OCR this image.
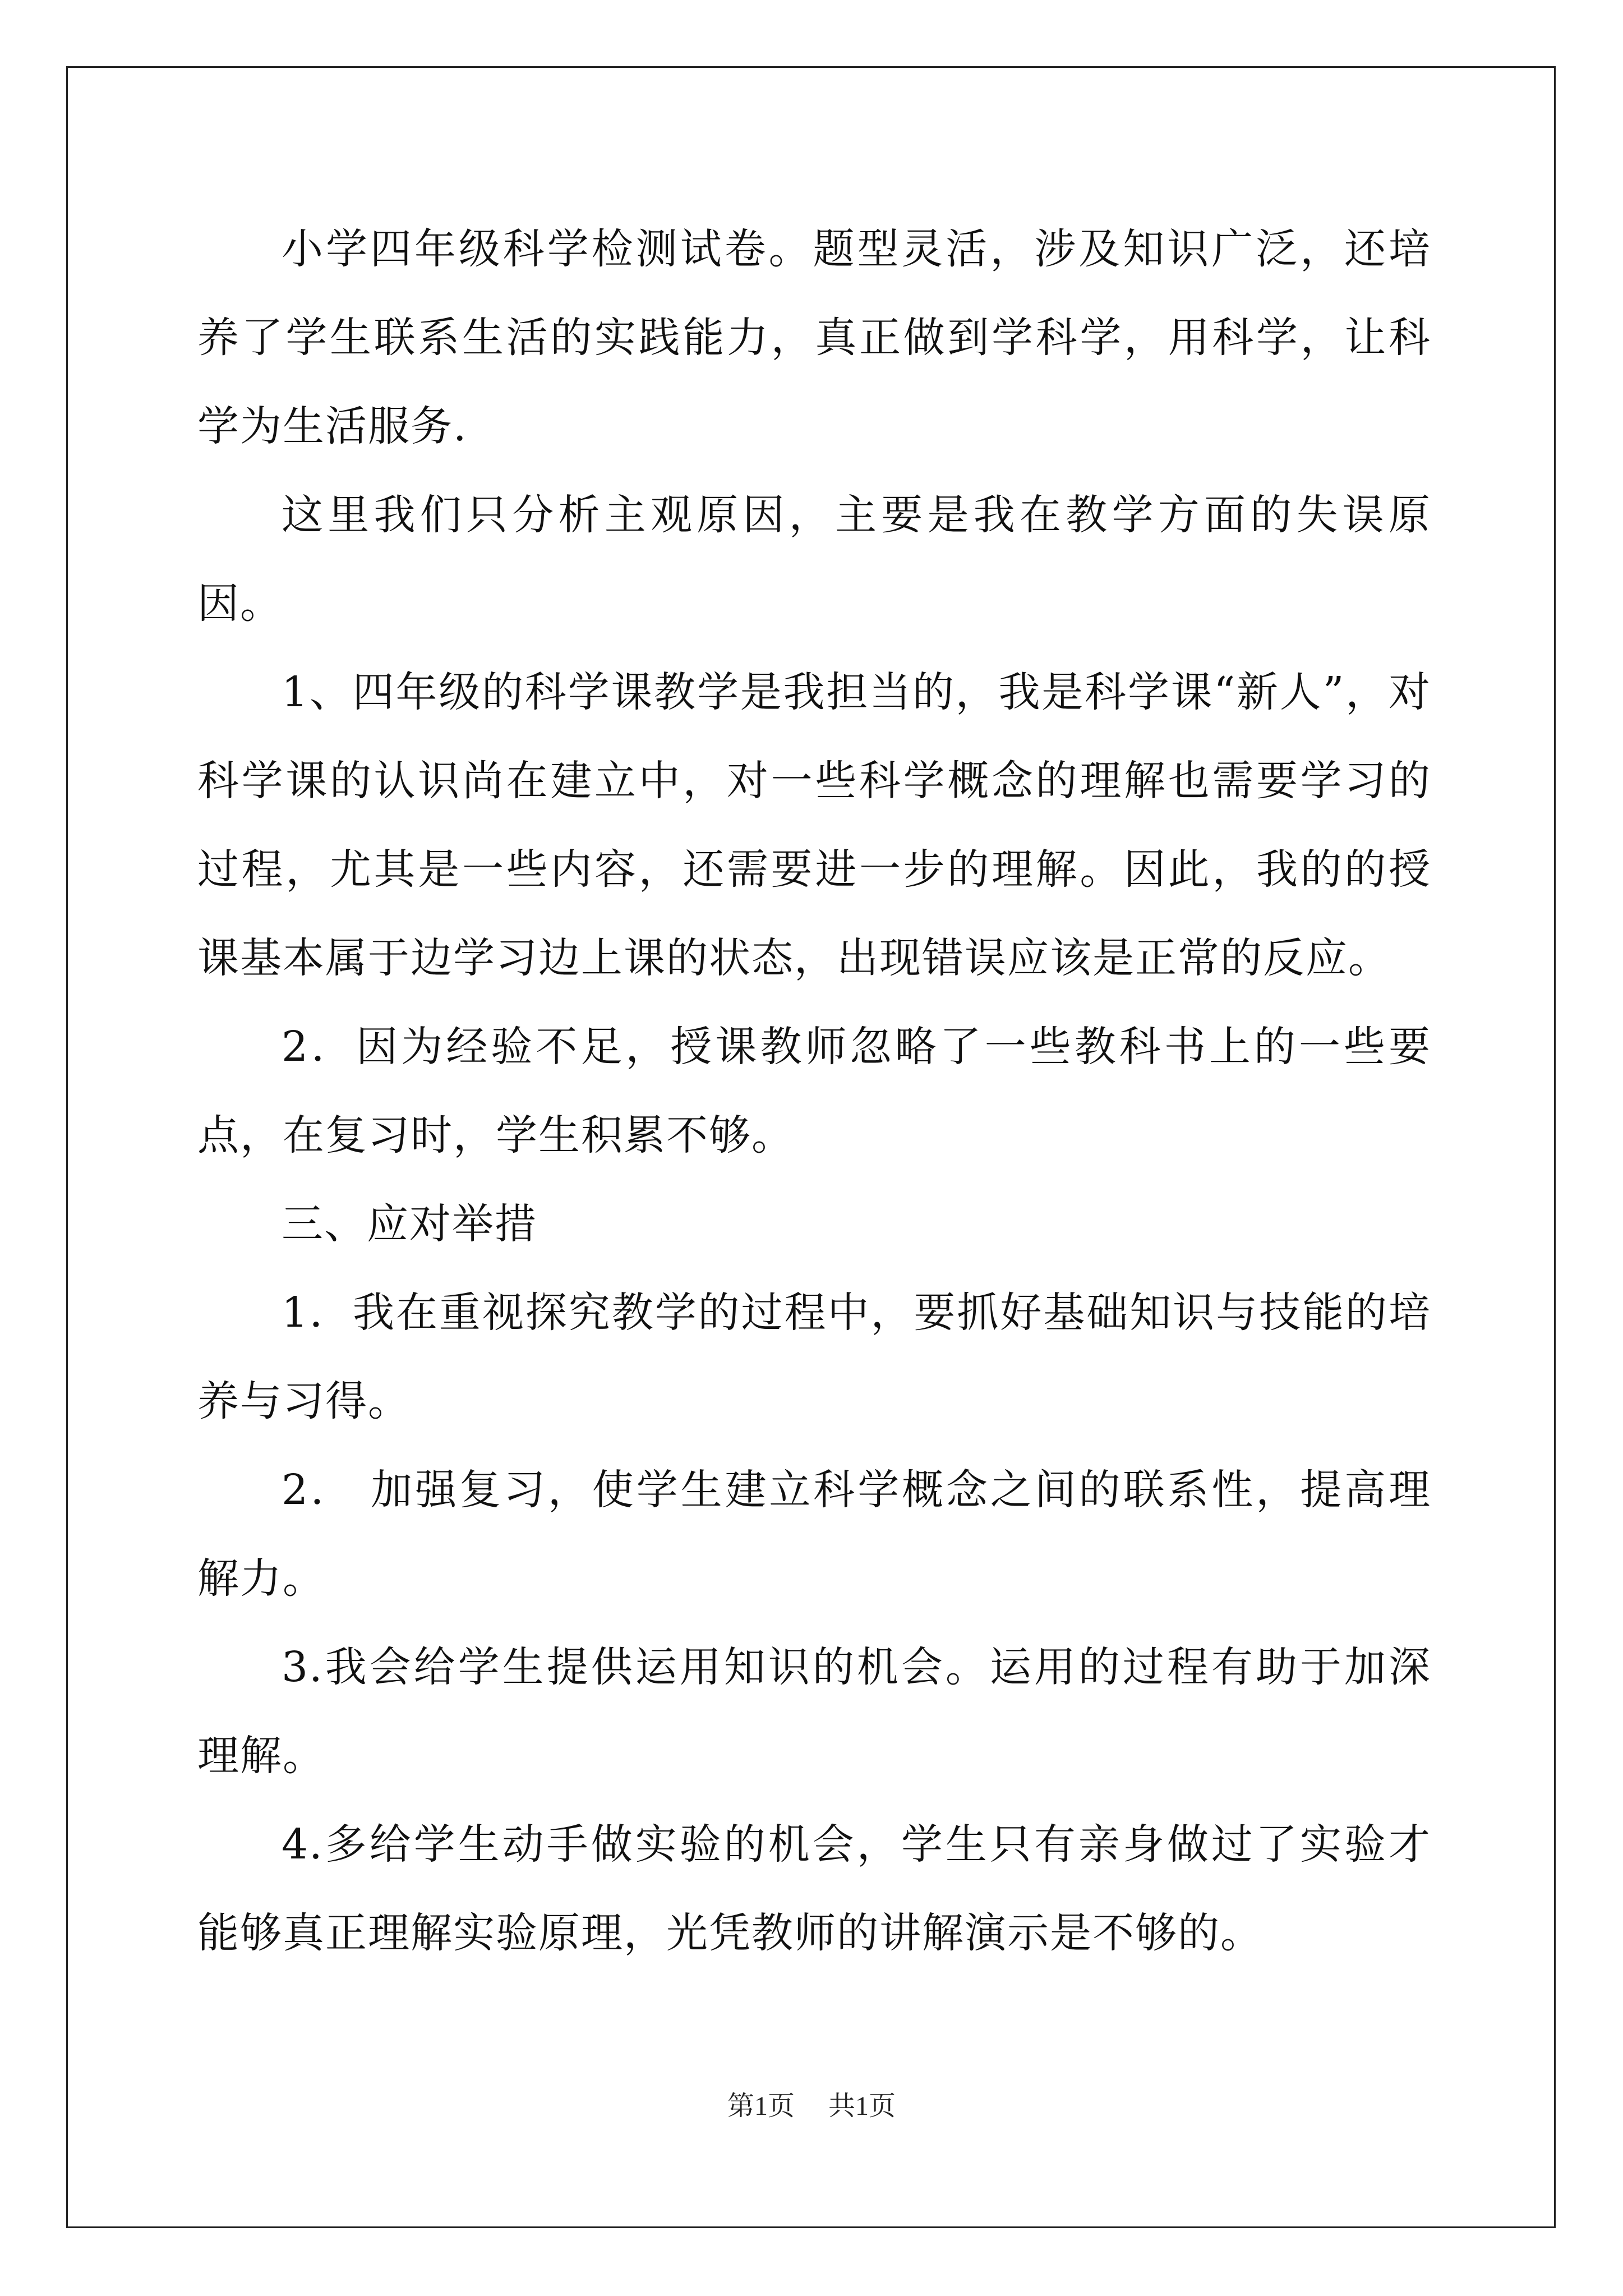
小学四年级科学检测试卷。题型灵活，涉及知识广泛，还培养了学生联系生活的实践能力，真正做到学科学，用科学，让科学为生活服务.

这里我们只分析主观原因，主要是我在教学方面的失误原因。

1、四年级的科学课教学是我担当的，我是科学课“新人”，对科学课的认识尚在建立中，对一些科学概念的理解也需要学习的过程，尤其是一些内容，还需要进一步的理解。因此，我的的授课基本属于边学习边上课的状态，出现错误应该是正常的反应。

2．因为经验不足，授课教师忽略了一些教科书上的一些要点，在复习时，学生积累不够。

三、应对举措

1．我在重视探究教学的过程中，要抓好基础知识与技能的培养与习得。

2． 加强复习，使学生建立科学概念之间的联系性，提高理解力。

3.我会给学生提供运用知识的机会。运用的过程有助于加深理解。

4.多给学生动手做实验的机会，学生只有亲身做过了实验才能够真正理解实验原理，光凭教师的讲解演示是不够的。

第1页 共1页
